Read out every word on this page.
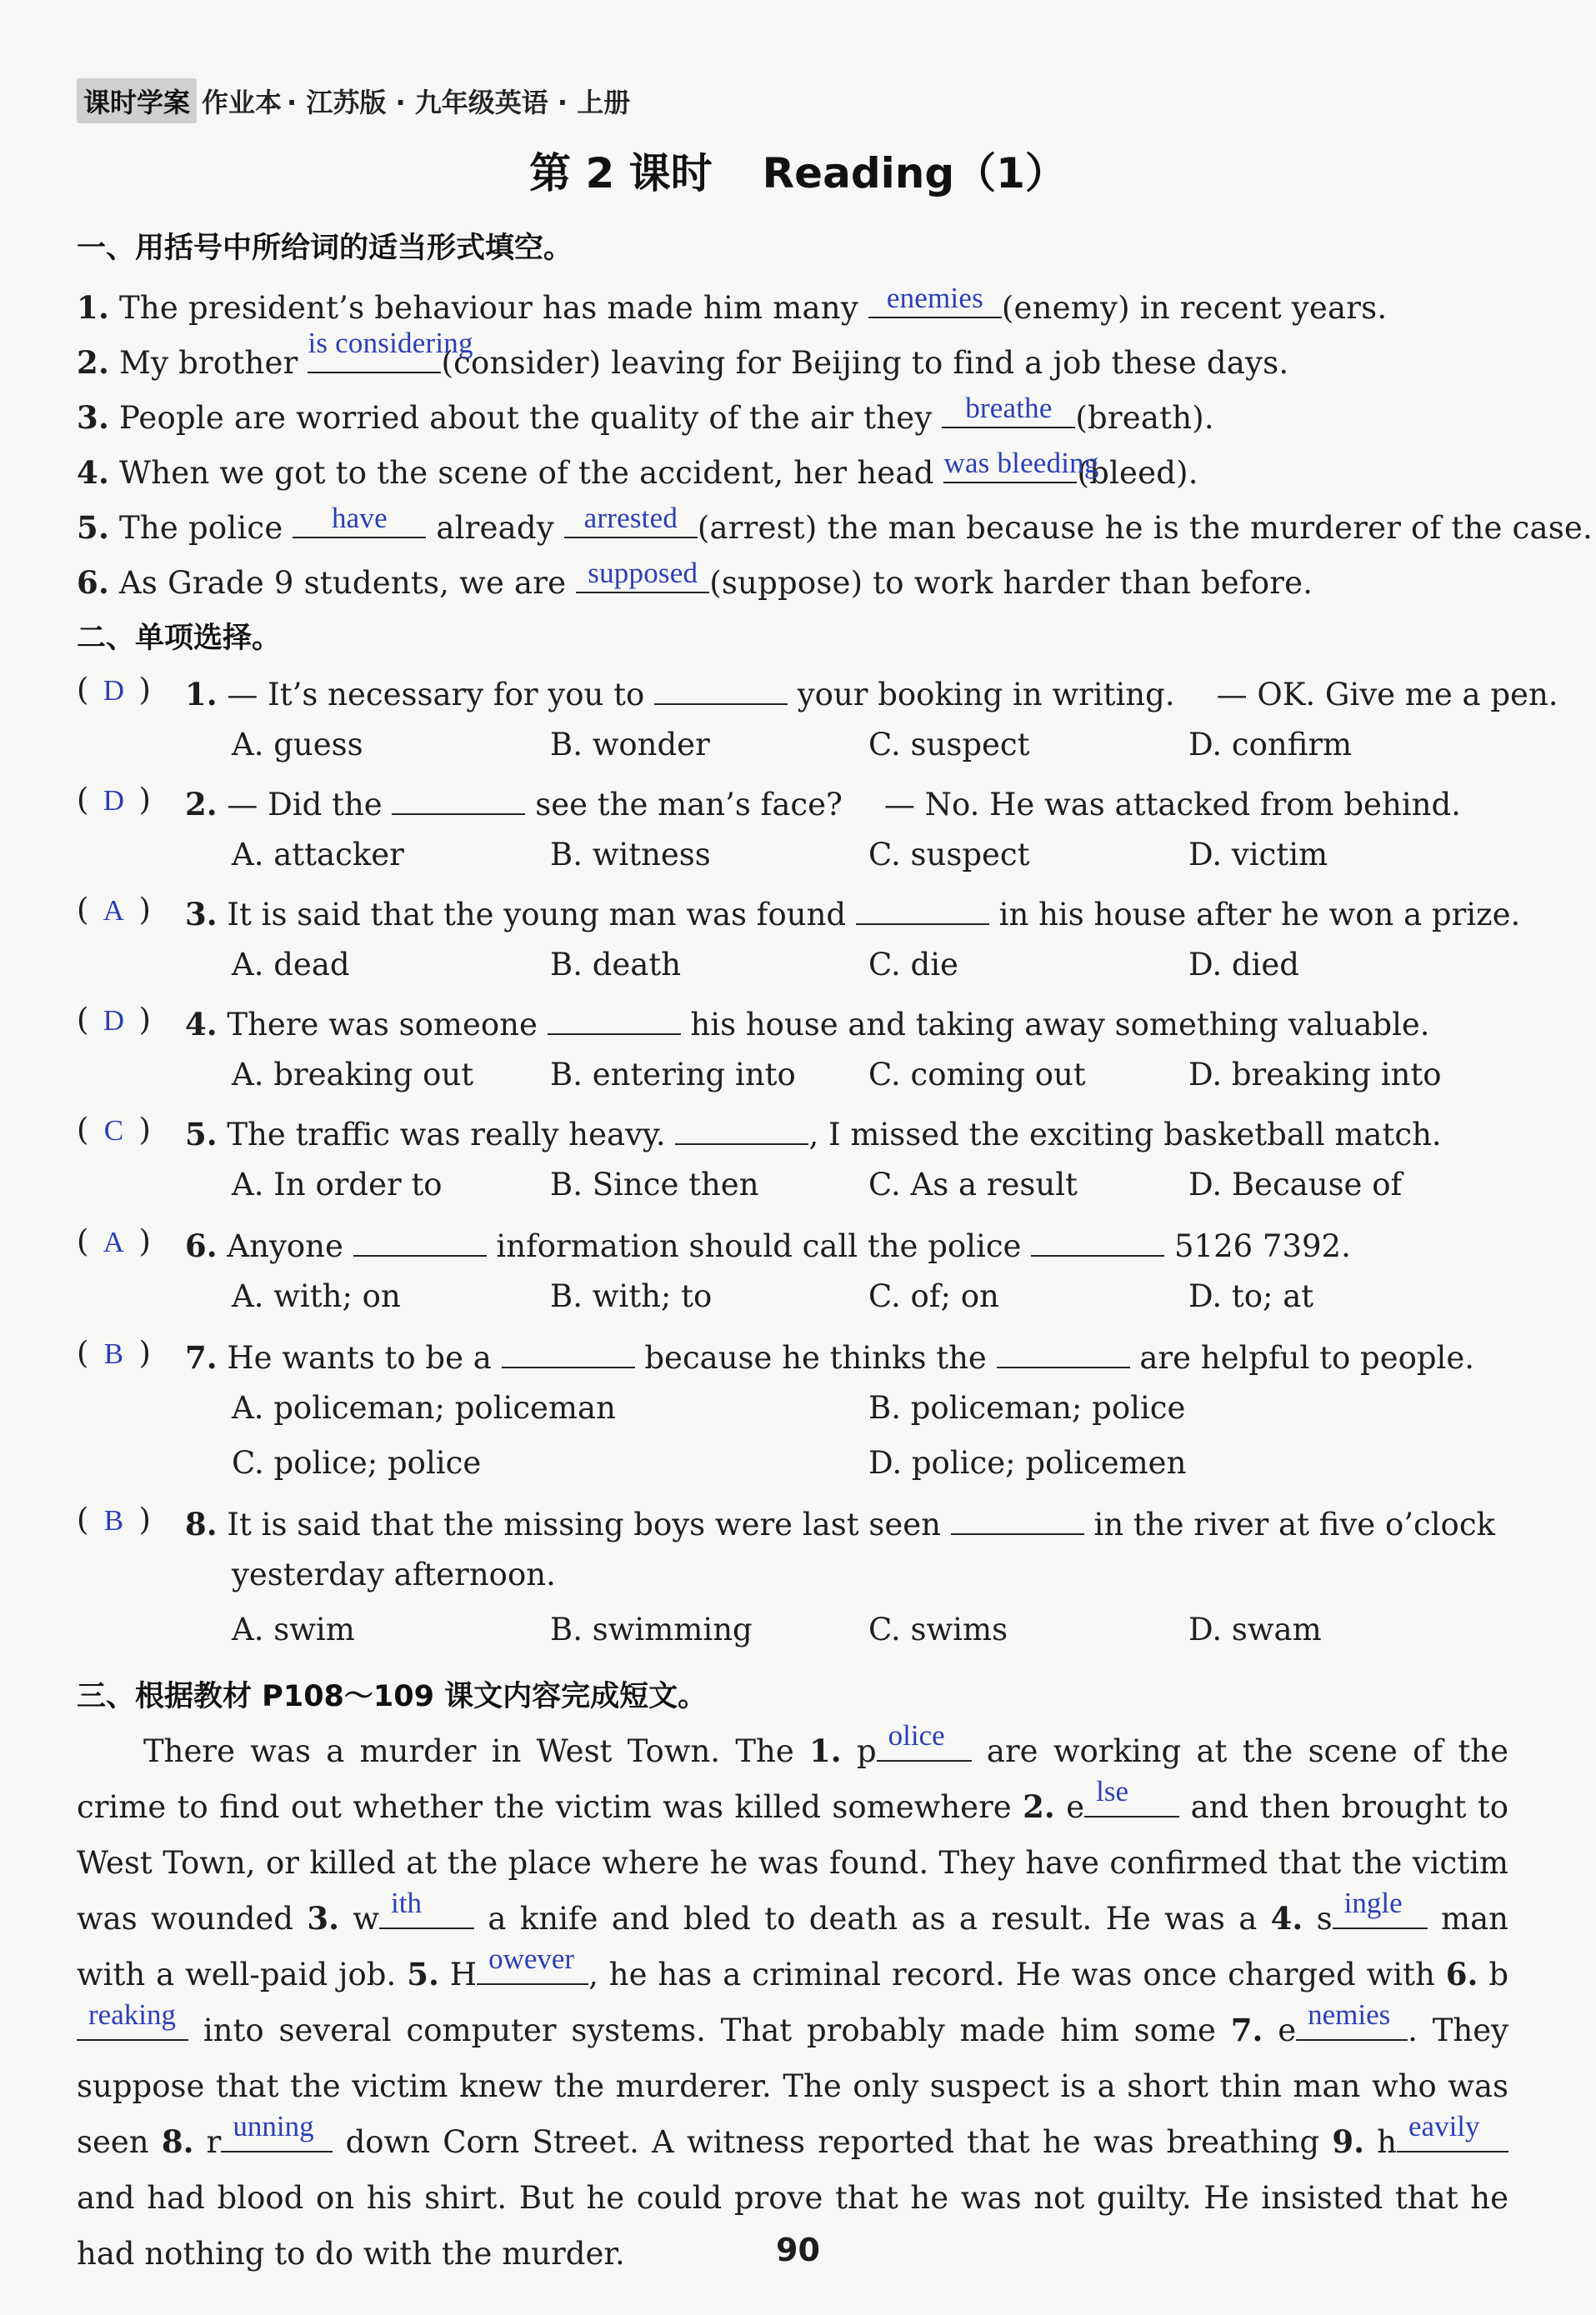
课时学案 作业本 · 江苏版 · 九年级英语 · 上册
第 2 课时 Reading（1）
一、用括号中所给词的适当形式填空。
1. The president’s behaviour has made him many enemies (enemy) in recent years.
2. My brother
is considering
(consider) leaving for Beijing to find a job these days.
3. People are worried about the quality of the air they	breathe (breath).
4. When we got to the scene of the accident, her head was bleeding
(bleed).
5. The police	have	already	arrested (arrest) the man because he is the murderer of the case.
6. As Grade 9 students, we are supposed (suppose) to work harder than before.
二、单项选择。
( D ) 1. — It’s necessary for you to	your booking in writing. — OK. Give me a pen.
A. guess	B. wonder	C. suspect	D. confirm
( D ) 2. — Did the	see the man’s face? — No. He was attacked from behind.
A. attacker	B. witness	C. suspect	D. victim
( A ) 3. It is said that the young man was found	in his house after he won a prize.
A. dead	B. death	C. die	D. died
( D ) 4. There was someone	his house and taking away something valuable.
A. breaking out B. entering into C. coming out	D. breaking into
( C ) 5. The traffic was really heavy.	, I missed the exciting basketball match.
A. In order to	B. Since then	C. As a result	D. Because of
( A ) 6. Anyone	information should call the police	5126 7392.
A. with; on	B. with; to	C. of; on	D. to; at
( B ) 7. He wants to be a	because he thinks the	are helpful to people.
A. policeman; policeman	B. policeman; police
C. police; police	D. police; policemen
( B ) 8. It is said that the missing boys were last seen	in the river at five o’clock
yesterday afternoon.
A. swim	B. swimming	C. swims	D. swam
三、根据教材 P108～109 课文内容完成短文。
There was a murder in West Town. The 1. p olice are working at the scene of the crime to find out whether the victim was killed somewhere 2. e lse and then brought to West Town, or killed at the place where he was found. They have confirmed that the victim was wounded 3. w ith a knife and bled to death as a result. He was a 4. s ingle man with a well-paid job. 5. H owever , he has a criminal record. He was once charged with 6. b
reaking into several computer systems. That probably made him some 7. e nemies . They suppose that the victim knew the murderer. The only suspect is a short thin man who was seen 8. r unning down Corn Street. A witness reported that he was breathing 9. h eavily
and had blood on his shirt. But he could prove that he was not guilty. He insisted that he had nothing to do with the murder.	90
